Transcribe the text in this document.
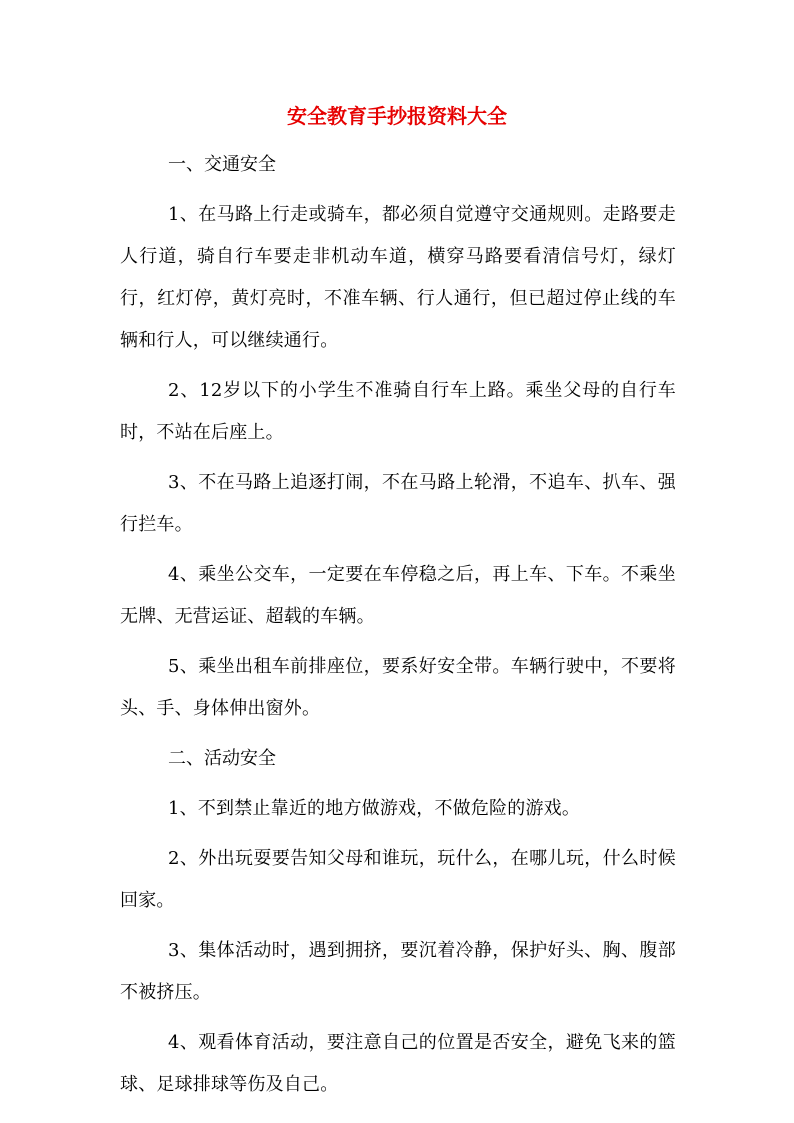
安全教育手抄报资料大全

一、交通安全

1、在马路上行走或骑车，都必须自觉遵守交通规则。走路要走人行道，骑自行车要走非机动车道，横穿马路要看清信号灯，绿灯行，红灯停，黄灯亮时，不准车辆、行人通行，但已超过停止线的车辆和行人，可以继续通行。

2、12岁以下的小学生不准骑自行车上路。乘坐父母的自行车时，不站在后座上。

3、不在马路上追逐打闹，不在马路上轮滑，不追车、扒车、强行拦车。

4、乘坐公交车，一定要在车停稳之后，再上车、下车。不乘坐无牌、无营运证、超载的车辆。

5、乘坐出租车前排座位，要系好安全带。车辆行驶中，不要将头、手、身体伸出窗外。

二、活动安全

1、不到禁止靠近的地方做游戏，不做危险的游戏。

2、外出玩耍要告知父母和谁玩，玩什么，在哪儿玩，什么时候回家。

3、集体活动时，遇到拥挤，要沉着冷静，保护好头、胸、腹部不被挤压。

4、观看体育活动，要注意自己的位置是否安全，避免飞来的篮球、足球排球等伤及自己。
